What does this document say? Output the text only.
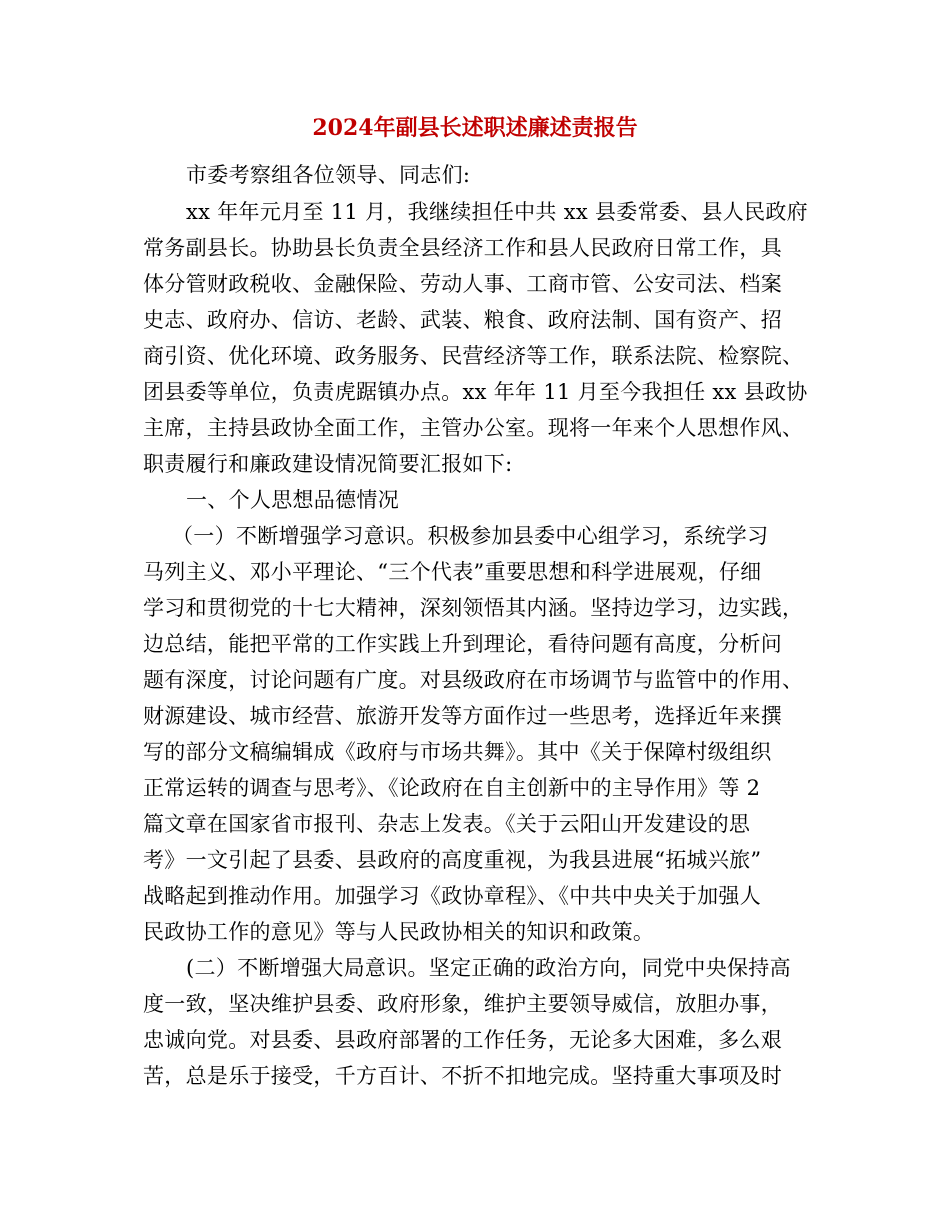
2024年副县长述职述廉述责报告
市委考察组各位领导、同志们:
xx 年年元月至 11 月，我继续担任中共 xx 县委常委、县人民政府
常务副县长。协助县长负责全县经济工作和县人民政府日常工作，具
体分管财政税收、金融保险、劳动人事、工商市管、公安司法、档案
史志、政府办、信访、老龄、武装、粮食、政府法制、国有资产、招
商引资、优化环境、政务服务、民营经济等工作，联系法院、检察院、
团县委等单位，负责虎踞镇办点。xx 年年 11 月至今我担任 xx 县政协
主席，主持县政协全面工作，主管办公室。现将一年来个人思想作风、
职责履行和廉政建设情况简要汇报如下:
一、个人思想品德情况
（一）不断增强学习意识。积极参加县委中心组学习，系统学习
马列主义、邓小平理论、“三个代表”重要思想和科学进展观，仔细
学习和贯彻党的十七大精神，深刻领悟其内涵。坚持边学习，边实践，
边总结，能把平常的工作实践上升到理论，看待问题有高度，分析问
题有深度，讨论问题有广度。对县级政府在市场调节与监管中的作用、
财源建设、城市经营、旅游开发等方面作过一些思考，选择近年来撰
写的部分文稿编辑成《政府与市场共舞》。其中《关于保障村级组织
正常运转的调查与思考》、《论政府在自主创新中的主导作用》等 2
篇文章在国家省市报刊、杂志上发表。《关于云阳山开发建设的思
考》一文引起了县委、县政府的高度重视，为我县进展“拓城兴旅”
战略起到推动作用。加强学习《政协章程》、《中共中央关于加强人
民政协工作的意见》等与人民政协相关的知识和政策。
(二）不断增强大局意识。坚定正确的政治方向，同党中央保持高
度一致，坚决维护县委、政府形象，维护主要领导威信，放胆办事，
忠诚向党。对县委、县政府部署的工作任务，无论多大困难，多么艰
苦，总是乐于接受，千方百计、不折不扣地完成。坚持重大事项及时
